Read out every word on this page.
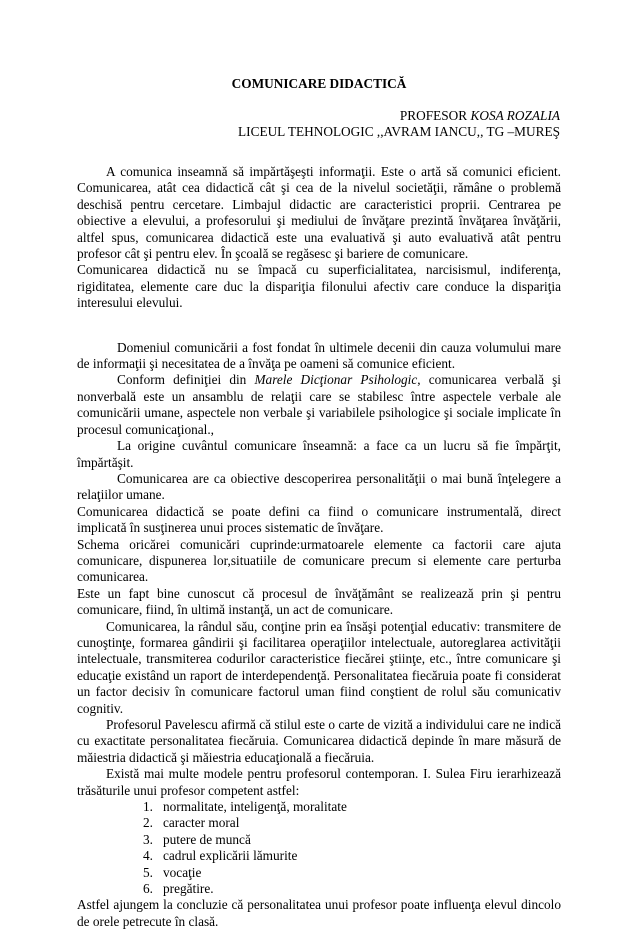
COMUNICARE DIDACTICĂ
PROFESOR KOSA ROZALIA
LICEUL TEHNOLOGIC ,,AVRAM IANCU,, TG –MUREŞ

A comunica inseamnă să impărtăşeşti informaţii. Este o artă să comunici eficient. Comunicarea, atât cea didactică cât şi cea de la nivelul societăţii, rămâne o problemă deschisă pentru cercetare. Limbajul didactic are caracteristici proprii. Centrarea pe obiective a elevului, a profesorului şi mediului de învăţare prezintă învăţarea învăţării, altfel spus, comunicarea didactică este una evaluativă şi auto evaluativă atât pentru profesor cât şi pentru elev. În şcoală se regăsesc şi bariere de comunicare.

Comunicarea didactică nu se împacă cu superficialitatea, narcisismul, indiferenţa, rigiditatea, elemente care duc la dispariţia filonului afectiv care conduce la dispariţia interesului elevului.

Domeniul comunicării a fost fondat în ultimele decenii din cauza volumului mare de informaţii şi necesitatea de a învăţa pe oameni să comunice eficient.

Conform definiţiei din Marele Dicţionar Psihologic, comunicarea verbală şi nonverbală este un ansamblu de relaţii care se stabilesc între aspectele verbale ale comunicării umane, aspectele non verbale şi variabilele psihologice şi sociale implicate în procesul comunicaţional.,

La origine cuvântul comunicare înseamnă: a face ca un lucru să fie împărţit, împărtăşit.

Comunicarea are ca obiective descoperirea personalităţii o mai bună înţelegere a relaţiilor umane.

Comunicarea didactică se poate defini ca fiind o comunicare instrumentală, direct implicată în susţinerea unui proces sistematic de învăţare.

Schema oricărei comunicări cuprinde:urmatoarele elemente ca factorii care ajuta comunicare, dispunerea lor,situatiile de comunicare precum si elemente care perturba comunicarea.

Este un fapt bine cunoscut că procesul de învăţământ se realizează prin şi pentru comunicare, fiind, în ultimă instanţă, un act de comunicare.

Comunicarea, la rândul său, conţine prin ea însăşi potenţial educativ: transmitere de cunoştinţe, formarea gândirii şi facilitarea operaţiilor intelectuale, autoreglarea activităţii intelectuale, transmiterea codurilor caracteristice fiecărei ştiinţe, etc., între comunicare şi educaţie existând un raport de interdependenţă. Personalitatea fiecăruia poate fi considerat un factor decisiv în comunicare factorul uman fiind conştient de rolul său comunicativ cognitiv.

Profesorul Pavelescu afirmă că stilul este o carte de vizită a individului care ne indică cu exactitate personalitatea fiecăruia. Comunicarea didactică depinde în mare măsură de măiestria didactică şi măiestria educaţională a fiecăruia.

Există mai multe modele pentru profesorul contemporan. I. Sulea Firu ierarhizează trăsăturile unui profesor competent astfel:

1. normalitate, inteligenţă, moralitate
2. caracter moral
3. putere de muncă
4. cadrul explicării lămurite
5. vocaţie
6. pregătire.

Astfel ajungem la concluzie că personalitatea unui profesor poate influenţa elevul dincolo de orele petrecute în clasă.
